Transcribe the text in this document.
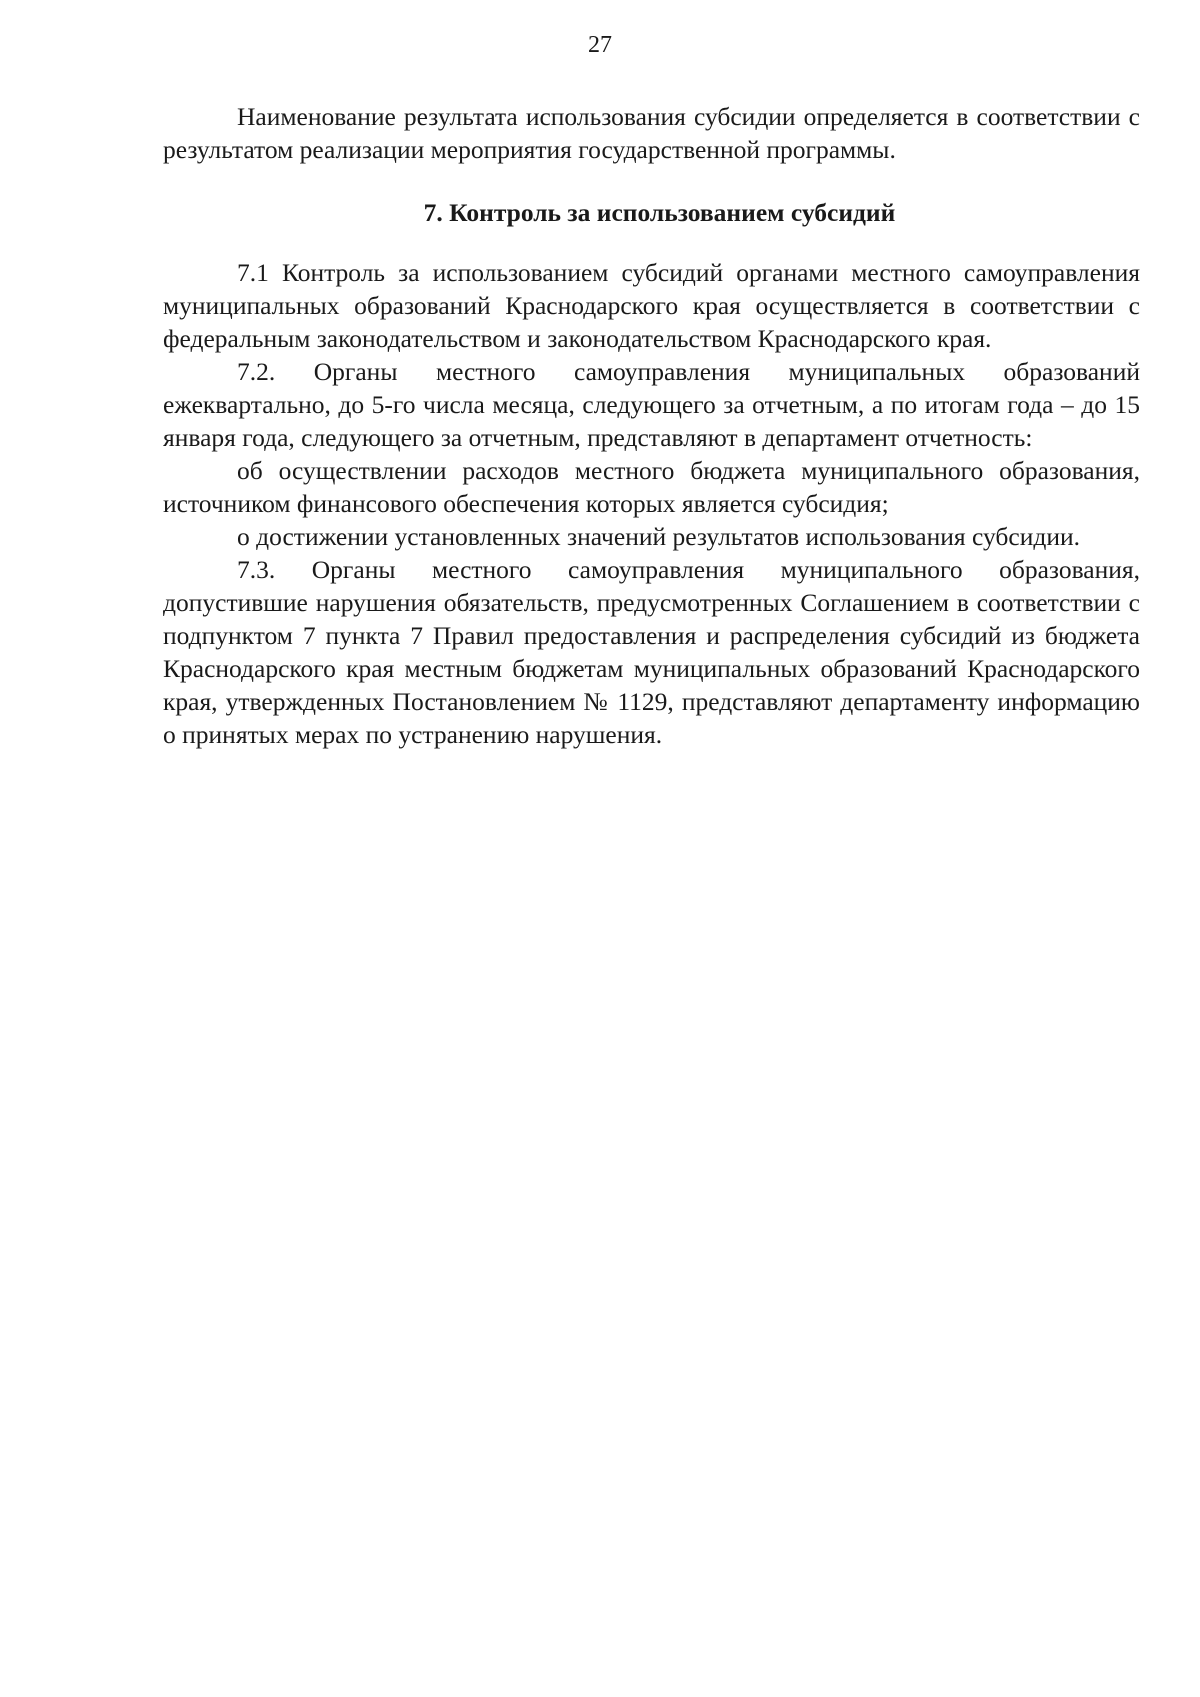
27

Наименование результата использования субсидии определяется в соответствии с результатом реализации мероприятия государственной программы.

7. Контроль за использованием субсидий

7.1 Контроль за использованием субсидий органами местного самоуправления муниципальных образований Краснодарского края осуществляется в соответствии с федеральным законодательством и законодательством Краснодарского края.

7.2. Органы местного самоуправления муниципальных образований ежеквартально, до 5-го числа месяца, следующего за отчетным, а по итогам года – до 15 января года, следующего за отчетным, представляют в департамент отчетность:

об осуществлении расходов местного бюджета муниципального образования, источником финансового обеспечения которых является субсидия;

о достижении установленных значений результатов использования субсидии.

7.3. Органы местного самоуправления муниципального образования, допустившие нарушения обязательств, предусмотренных Соглашением в соответствии с подпунктом 7 пункта 7 Правил предоставления и распределения субсидий из бюджета Краснодарского края местным бюджетам муниципальных образований Краснодарского края, утвержденных Постановлением № 1129, представляют департаменту информацию о принятых мерах по устранению нарушения.
